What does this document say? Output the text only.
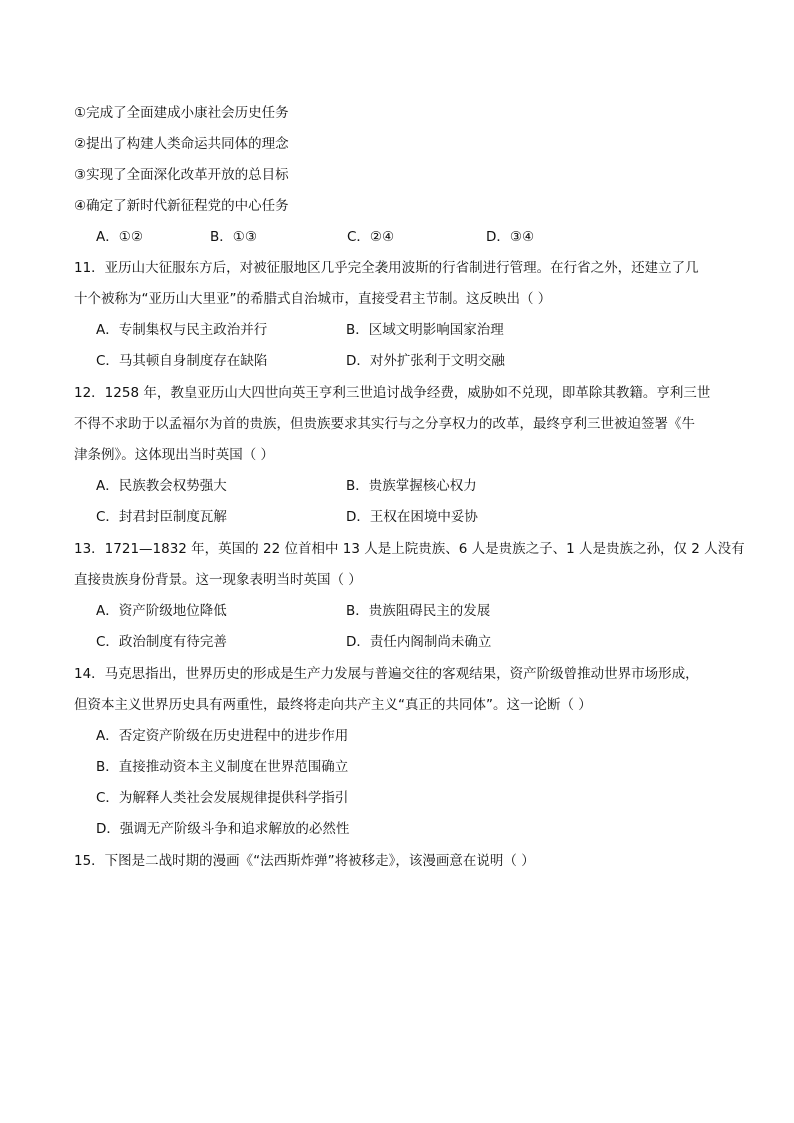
①完成了全面建成小康社会历史任务
②提出了构建人类命运共同体的理念
③实现了全面深化改革开放的总目标
④确定了新时代新征程党的中心任务
A．①②	B．①③	C．②④	D．③④
11．亚历山大征服东方后，对被征服地区几乎完全袭用波斯的行省制进行管理。在行省之外，还建立了几
十个被称为“亚历山大里亚”的希腊式自治城市，直接受君主节制。这反映出（ ）
A．专制集权与民主政治并行	B．区域文明影响国家治理
C．马其顿自身制度存在缺陷	D．对外扩张利于文明交融
12．1258 年，教皇亚历山大四世向英王亨利三世追讨战争经费，威胁如不兑现，即革除其教籍。亨利三世
不得不求助于以孟福尔为首的贵族，但贵族要求其实行与之分享权力的改革，最终亨利三世被迫签署《牛
津条例》。这体现出当时英国（ ）
A．民族教会权势强大	B．贵族掌握核心权力
C．封君封臣制度瓦解	D．王权在困境中妥协
13．1721—1832 年，英国的 22 位首相中 13 人是上院贵族、6 人是贵族之子、1 人是贵族之孙，仅 2 人没有
直接贵族身份背景。这一现象表明当时英国（ ）
A．资产阶级地位降低	B．贵族阻碍民主的发展
C．政治制度有待完善	D．责任内阁制尚未确立
14．马克思指出，世界历史的形成是生产力发展与普遍交往的客观结果，资产阶级曾推动世界市场形成，
但资本主义世界历史具有两重性，最终将走向共产主义“真正的共同体”。这一论断（ ）
A．否定资产阶级在历史进程中的进步作用
B．直接推动资本主义制度在世界范围确立
C．为解释人类社会发展规律提供科学指引
D．强调无产阶级斗争和追求解放的必然性
15．下图是二战时期的漫画《“法西斯炸弹”将被移走》，该漫画意在说明（ ）
